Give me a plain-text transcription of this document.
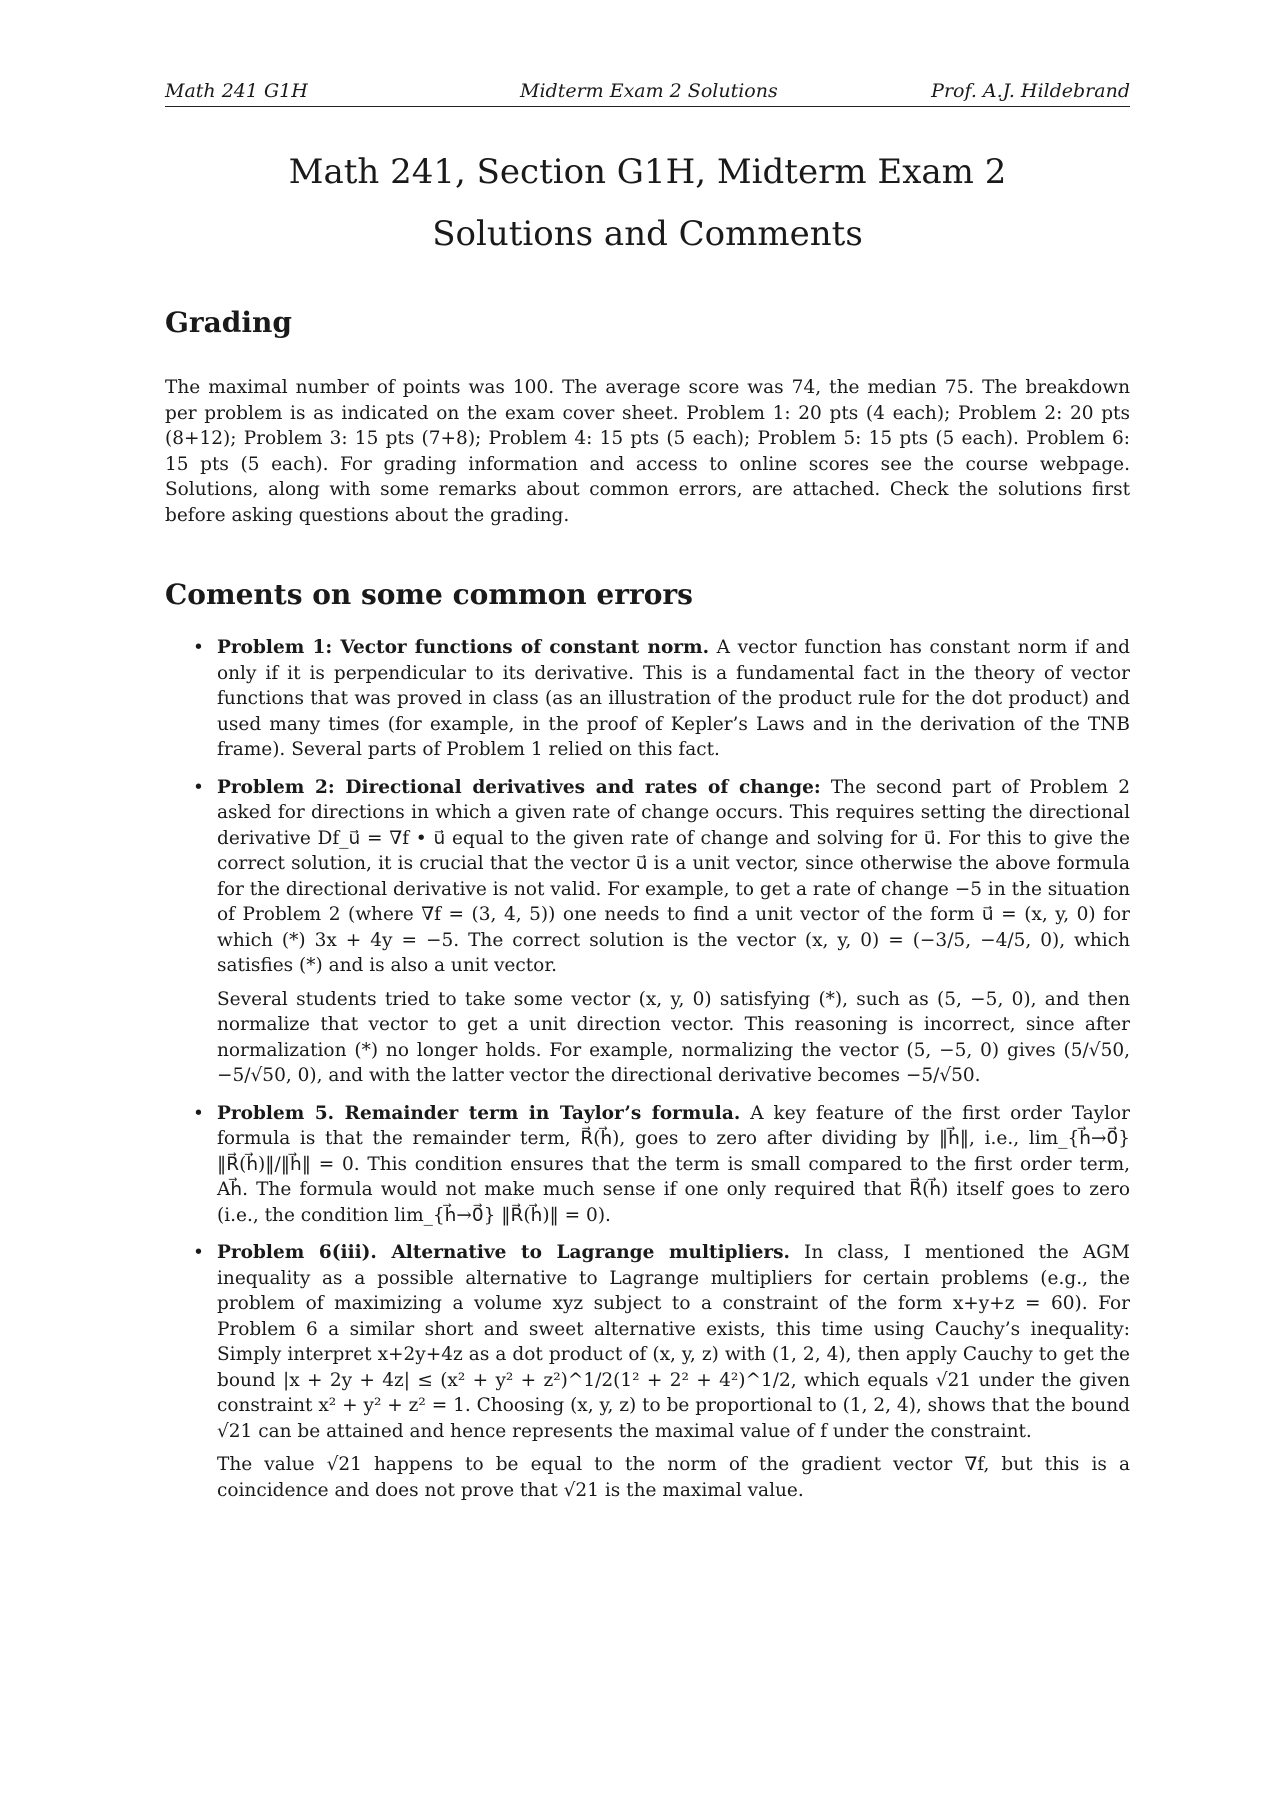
Math 241 G1H	Midterm Exam 2 Solutions	Prof. A.J. Hildebrand
Math 241, Section G1H, Midterm Exam 2
Solutions and Comments
Grading

The maximal number of points was 100. The average score was 74, the median 75. The breakdown per problem is as indicated on the exam cover sheet. Problem 1: 20 pts (4 each); Problem 2: 20 pts (8+12); Problem 3: 15 pts (7+8); Problem 4: 15 pts (5 each); Problem 5: 15 pts (5 each). Problem 6: 15 pts (5 each). For grading information and access to online scores see the course webpage. Solutions, along with some remarks about common errors, are attached. Check the solutions first before asking questions about the grading.

Coments on some common errors
• Problem 1: Vector functions of constant norm. A vector function has constant norm if and only if it is perpendicular to its derivative. This is a fundamental fact in the theory of vector functions that was proved in class (as an illustration of the product rule for the dot product) and used many times (for example, in the proof of Kepler’s Laws and in the derivation of the TNB frame). Several parts of Problem 1 relied on this fact.

• Problem 2: Directional derivatives and rates of change: The second part of Problem 2 asked for directions in which a given rate of change occurs. This requires setting the directional derivative Df_u⃗ = ∇f • u⃗ equal to the given rate of change and solving for u⃗. For this to give the correct solution, it is crucial that the vector u⃗ is a unit vector, since otherwise the above formula for the directional derivative is not valid. For example, to get a rate of change −5 in the situation of Problem 2 (where ∇f = (3, 4, 5)) one needs to find a unit vector of the form u⃗ = (x, y, 0) for which (*) 3x + 4y = −5. The correct solution is the vector (x, y, 0) = (−3/5, −4/5, 0), which satisfies (*) and is also a unit vector.

Several students tried to take some vector (x, y, 0) satisfying (*), such as (5, −5, 0), and then normalize that vector to get a unit direction vector. This reasoning is incorrect, since after normalization (*) no longer holds. For example, normalizing the vector (5, −5, 0) gives (5/√50, −5/√50, 0), and with the latter vector the directional derivative becomes −5/√50.

• Problem 5. Remainder term in Taylor’s formula. A key feature of the first order Taylor formula is that the remainder term, R⃗(h⃗), goes to zero after dividing by ‖h⃗‖, i.e., lim_{h⃗→0⃗} ‖R⃗(h⃗)‖/‖h⃗‖ = 0. This condition ensures that the term is small compared to the first order term, Ah⃗. The formula would not make much sense if one only required that R⃗(h⃗) itself goes to zero (i.e., the condition lim_{h⃗→0⃗} ‖R⃗(h⃗)‖ = 0).

• Problem 6(iii). Alternative to Lagrange multipliers. In class, I mentioned the AGM inequality as a possible alternative to Lagrange multipliers for certain problems (e.g., the problem of maximizing a volume xyz subject to a constraint of the form x+y+z = 60). For Problem 6 a similar short and sweet alternative exists, this time using Cauchy’s inequality: Simply interpret x+2y+4z as a dot product of (x, y, z) with (1, 2, 4), then apply Cauchy to get the bound |x + 2y + 4z| ≤ (x² + y² + z²)^1/2(1² + 2² + 4²)^1/2, which equals √21 under the given constraint x² + y² + z² = 1. Choosing (x, y, z) to be proportional to (1, 2, 4), shows that the bound √21 can be attained and hence represents the maximal value of f under the constraint.

The value √21 happens to be equal to the norm of the gradient vector ∇f, but this is a coincidence and does not prove that √21 is the maximal value.
